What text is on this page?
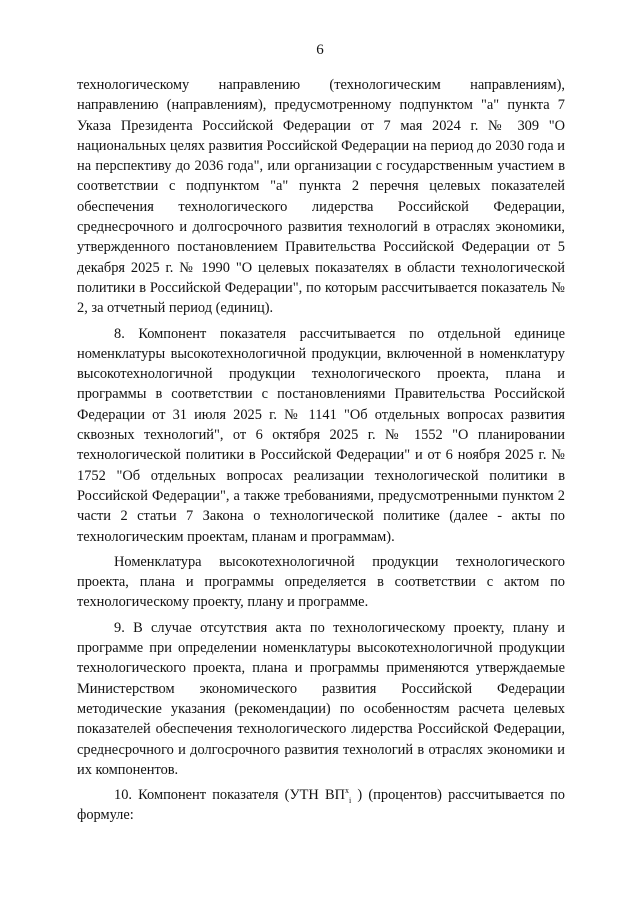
6

технологическому направлению (технологическим направлениям), направлению (направлениям), предусмотренному подпунктом "а" пункта 7 Указа Президента Российской Федерации от 7 мая 2024 г. № 309 "О национальных целях развития Российской Федерации на период до 2030 года и на перспективу до 2036 года", или организации с государственным участием в соответствии с подпунктом "а" пункта 2 перечня целевых показателей обеспечения технологического лидерства Российской Федерации, среднесрочного и долгосрочного развития технологий в отраслях экономики, утвержденного постановлением Правительства Российской Федерации от 5 декабря 2025 г. № 1990 "О целевых показателях в области технологической политики в Российской Федерации", по которым рассчитывается показатель № 2, за отчетный период (единиц).

8. Компонент показателя рассчитывается по отдельной единице номенклатуры высокотехнологичной продукции, включенной в номенклатуру высокотехнологичной продукции технологического проекта, плана и программы в соответствии с постановлениями Правительства Российской Федерации от 31 июля 2025 г. № 1141 "Об отдельных вопросах развития сквозных технологий", от 6 октября 2025 г. № 1552 "О планировании технологической политики в Российской Федерации" и от 6 ноября 2025 г. № 1752 "Об отдельных вопросах реализации технологической политики в Российской Федерации", а также требованиями, предусмотренными пунктом 2 части 2 статьи 7 Закона о технологической политике (далее - акты по технологическим проектам, планам и программам).

Номенклатура высокотехнологичной продукции технологического проекта, плана и программы определяется в соответствии с актом по технологическому проекту, плану и программе.

9. В случае отсутствия акта по технологическому проекту, плану и программе при определении номенклатуры высокотехнологичной продукции технологического проекта, плана и программы применяются утверждаемые Министерством экономического развития Российской Федерации методические указания (рекомендации) по особенностям расчета целевых показателей обеспечения технологического лидерства Российской Федерации, среднесрочного и долгосрочного развития технологий в отраслях экономики и их компонентов.

10. Компонент показателя (УТН $ВП^x_i$ ) (процентов) рассчитывается по формуле:
